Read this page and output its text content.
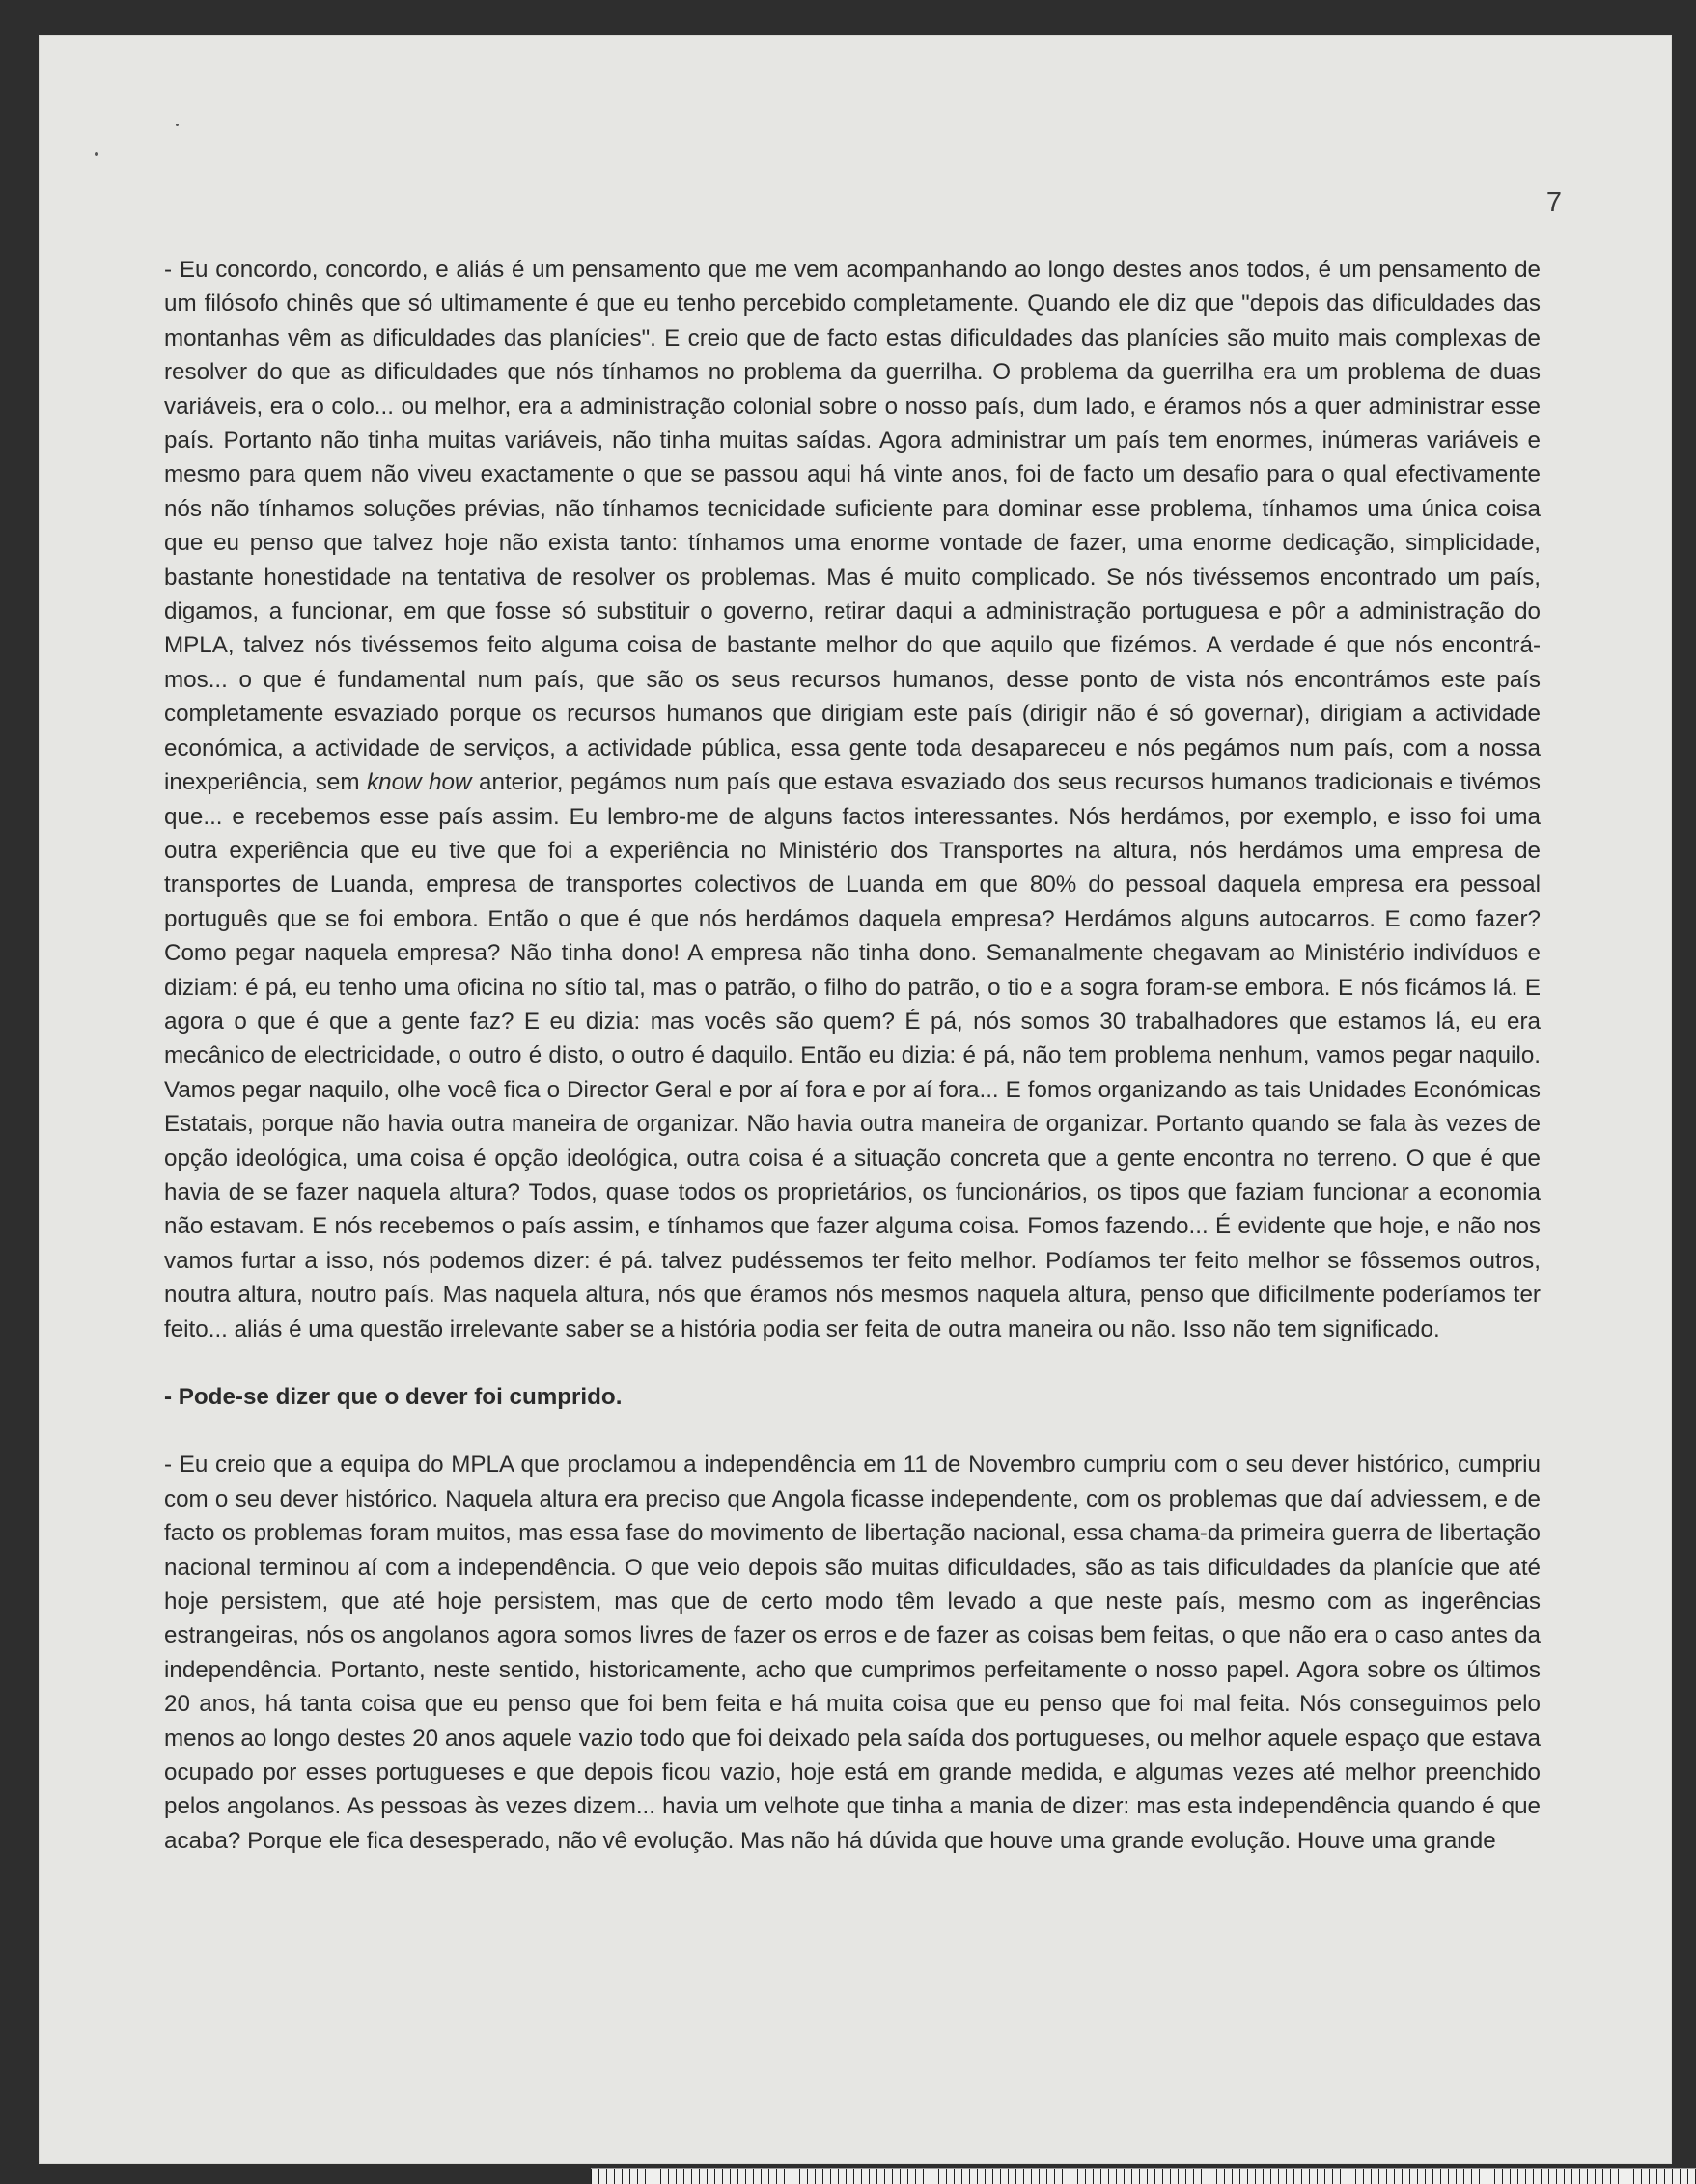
7

- Eu concordo, concordo, e aliás é um pensamento que me vem acompanhando ao longo destes anos todos, é um pensamento de um filósofo chinês que só ultimamente é que eu tenho percebido completamente. Quando ele diz que "depois das dificuldades das montanhas vêm as dificuldades das planícies". E creio que de facto estas dificuldades das planícies são muito mais complexas de resolver do que as dificuldades que nós tínhamos no problema da guerrilha. O problema da guerrilha era um problema de duas variáveis, era o colo... ou melhor, era a administração colonial sobre o nosso país, dum lado, e éramos nós a quer administrar esse país. Portanto não tinha muitas variáveis, não tinha muitas saídas. Agora administrar um país tem enormes, inúmeras variáveis e mesmo para quem não viveu exactamente o que se passou aqui há vinte anos, foi de facto um desafio para o qual efectivamente nós não tínhamos soluções prévias, não tínhamos tecnicidade suficiente para dominar esse problema, tínhamos uma única coisa que eu penso que talvez hoje não exista tanto: tínhamos uma enorme vontade de fazer, uma enorme dedicação, simplicidade, bastante honestidade na tentativa de resolver os problemas. Mas é muito complicado. Se nós tivéssemos encontrado um país, digamos, a funcionar, em que fosse só substituir o governo, retirar daqui a administração portuguesa e pôr a administração do MPLA, talvez nós tivéssemos feito alguma coisa de bastante melhor do que aquilo que fizémos. A verdade é que nós encontrá-mos... o que é fundamental num país, que são os seus recursos humanos, desse ponto de vista nós encontrámos este país completamente esvaziado porque os recursos humanos que dirigiam este país (dirigir não é só governar), dirigiam a actividade económica, a actividade de serviços, a actividade pública, essa gente toda desapareceu e nós pegámos num país, com a nossa inexperiência, sem know how anterior, pegámos num país que estava esvaziado dos seus recursos humanos tradicionais e tivémos que... e recebemos esse país assim. Eu lembro-me de alguns factos interessantes. Nós herdámos, por exemplo, e isso foi uma outra experiência que eu tive que foi a experiência no Ministério dos Transportes na altura, nós herdámos uma empresa de transportes de Luanda, empresa de transportes colectivos de Luanda em que 80% do pessoal daquela empresa era pessoal português que se foi embora. Então o que é que nós herdámos daquela empresa? Herdámos alguns autocarros. E como fazer? Como pegar naquela empresa? Não tinha dono! A empresa não tinha dono. Semanalmente chegavam ao Ministério indivíduos e diziam: é pá, eu tenho uma oficina no sítio tal, mas o patrão, o filho do patrão, o tio e a sogra foram-se embora. E nós ficámos lá. E agora o que é que a gente faz? E eu dizia: mas vocês são quem? É pá, nós somos 30 trabalhadores que estamos lá, eu era mecânico de electricidade, o outro é disto, o outro é daquilo. Então eu dizia: é pá, não tem problema nenhum, vamos pegar naquilo. Vamos pegar naquilo, olhe você fica o Director Geral e por aí fora e por aí fora... E fomos organizando as tais Unidades Económicas Estatais, porque não havia outra maneira de organizar. Não havia outra maneira de organizar. Portanto quando se fala às vezes de opção ideológica, uma coisa é opção ideológica, outra coisa é a situação concreta que a gente encontra no terreno. O que é que havia de se fazer naquela altura? Todos, quase todos os proprietários, os funcionários, os tipos que faziam funcionar a economia não estavam. E nós recebemos o país assim, e tínhamos que fazer alguma coisa. Fomos fazendo... É evidente que hoje, e não nos vamos furtar a isso, nós podemos dizer: é pá. talvez pudéssemos ter feito melhor. Podíamos ter feito melhor se fôssemos outros, noutra altura, noutro país. Mas naquela altura, nós que éramos nós mesmos naquela altura, penso que dificilmente poderíamos ter feito... aliás é uma questão irrelevante saber se a história podia ser feita de outra maneira ou não. Isso não tem significado.

- Pode-se dizer que o dever foi cumprido.

- Eu creio que a equipa do MPLA que proclamou a independência em 11 de Novembro cumpriu com o seu dever histórico, cumpriu com o seu dever histórico. Naquela altura era preciso que Angola ficasse independente, com os problemas que daí adviessem, e de facto os problemas foram muitos, mas essa fase do movimento de libertação nacional, essa chama-da primeira guerra de libertação nacional terminou aí com a independência. O que veio depois são muitas dificuldades, são as tais dificuldades da planície que até hoje persistem, que até hoje persistem, mas que de certo modo têm levado a que neste país, mesmo com as ingerências estrangeiras, nós os angolanos agora somos livres de fazer os erros e de fazer as coisas bem feitas, o que não era o caso antes da independência. Portanto, neste sentido, historicamente, acho que cumprimos perfeitamente o nosso papel. Agora sobre os últimos 20 anos, há tanta coisa que eu penso que foi bem feita e há muita coisa que eu penso que foi mal feita. Nós conseguimos pelo menos ao longo destes 20 anos aquele vazio todo que foi deixado pela saída dos portugueses, ou melhor aquele espaço que estava ocupado por esses portugueses e que depois ficou vazio, hoje está em grande medida, e algumas vezes até melhor preenchido pelos angolanos. As pessoas às vezes dizem... havia um velhote que tinha a mania de dizer: mas esta independência quando é que acaba? Porque ele fica desesperado, não vê evolução. Mas não há dúvida que houve uma grande evolução. Houve uma grande
